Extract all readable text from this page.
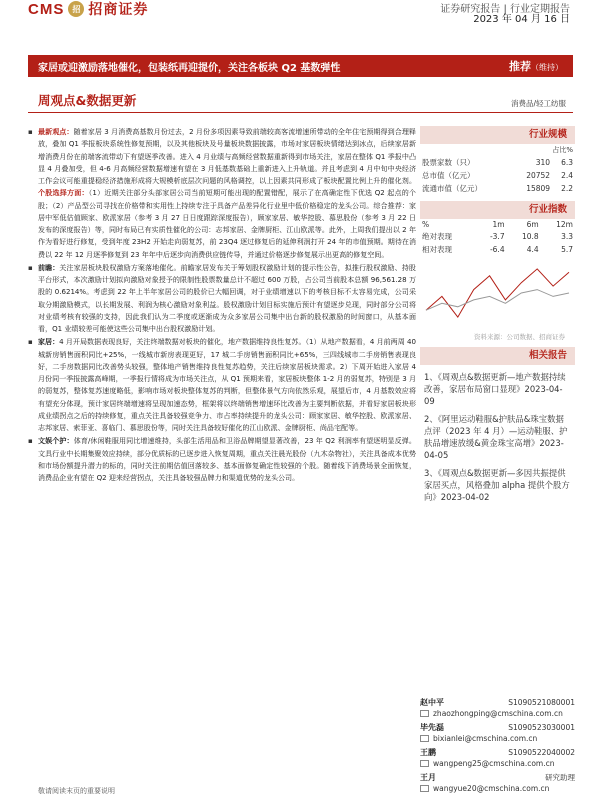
CMS	招 招商证券	证券研究报告 | 行业定期报告
2023 年 04 月 16 日
家居或迎激励落地催化，包装纸再迎提价，关注各板块 Q2 基数弹性	推荐（维持）
周观点&数据更新	消费品/轻工纺服

▪ 最新观点：随着家居 3 月消费高基数月份过去，2 月份多项因素导致前端较高客流增速所带动的全年住宅预期得到合理释放，叠加 Q1 季报板块系统性修复预期，以及其他板块及号量板块数据披露，市场对家居板块情绪达到冰点，后续家居新增消费月份在前端客流带动下有望逐季改善。进入 4 月业绩与高频经营数据重新得到市场关注，家居在整体 Q1 季报中凸显 4 月叠加受，但 4-6 月高频经营数据增速有望在 3 月低基数基础上重新进入上升轨道。并且考虑到 4 月中旬中央经济工作会议可能重提稳经济措施形成将大规模析底层次问题的风格调控，以上因素共同形成了板块配置比例上升的催化剂。个股选择方面：（1）近期关注部分头部家居公司当前短期可能出现的配置错配，展示了在高确定性下优选 Q2 起点的个股；（2）产品型公司寻找在价格带和实用性上持续专注于具备产品差异化行业里中低价格稳定的龙头公司。综合推荐：家居中军低估值顾家、欧派家居（参考 3 月 27 日日度跟踪深度报告），顾家家居、敏华控股、慕思股份（参考 3 月 22 日发布的深度报告）等，同时布局已有实质性催化的公司：志邦家居、金牌厨柜、江山欧派等。此外，上周我们提出以 2 年作为看好进行修复，受到年度 23H2 开始走向弱复苏，前 23Q4 逐过修复后的延伸利润打开 24 年的市值预期。期待在消费以 22 年 12 月逐季修复到 23 年年中后逐步向消费供应链传导，并通过价格逐步修复展示出更高的修复空间。

▪ 前瞻：关注家居板块股权激励方案落地催化。前瞻家居发布关于筹划股权激励计划的提示性公告，拟推行股权激励、持股平台形式，本次激励计划拟向激励对象授予的限制性股票数量总计不超过 600 万股，占公司当前股本总额 96,561.28 万股的 0.6214%。考虑到 22 年上半年家居公司的股价已大幅回调，对于业绩增速以下的考核目标不太容易完成，公司采取分期激励模式，以长期发展、利润为核心激励对象利益。股权激励计划目标实施后预计有望逐步兑现，同时部分公司将对业绩考核有较强的支持，因此我们认为二季度或逐渐成为众多家居公司集中出台新的股权激励的时间窗口，从基本面看，Q1 业绩较差可能使这些公司集中出台股权激励计划。

▪ 家居：4 月开局数据表现良好，关注终端数据对板块的催化，地产数据维持良性复苏。（1）从地产数据看，4 月前两周 40 城新房销售面积同比+25%，一线城市新房表现更好，17 城二手房销售面积同比+65%，三四线城市二手房销售表现良好，二手房数据同比改善势头较强，整体地产销售维持良性复苏趋势，关注后续家居板块需求。2）下周开始进入家居 4 月份同一季报披露高峰期，一季报行情将成为市场关注点，从 Q1 预期来看，家居板块整体 1-2 月的弱复苏，特别是 3 月的弱复苏，整体复苏速度略低，影响市场对板块整体复苏的判断，但整体景气方向依然乐观，展望后市，4 月基数效应将有望充分体现，预计家居终端增速将呈现加速态势，框架将以终端销售增速环比改善为主要判断依据，并看好家居板块形成业绩拐点之后的持续修复，重点关注具备较强竞争力、市占率持续提升的龙头公司：顾家家居、敏华控股、欧派家居、志邦家居、索菲亚、喜临门、慕思股份等，同时关注具备较好催化的江山欧派、金牌厨柜、尚品宅配等。

▪ 文娱个护：体育/休闲鞋服用同比增速维持，头部生活用品和卫浴品牌期望显著改善，23 年 Q2 利润率有望逐明显反弹。文具行业中长期集聚效应持续，部分优质标的已逐步进入恢复周期，重点关注晨光股份（九木杂物社），关注具备成本优势和市场份额提升潜力的标的，同时关注前期估值回落较多、基本面修复确定性较强的个股。随着线下消费场景全面恢复，消费品企业有望在 Q2 迎来经营拐点，关注具备较强品牌力和渠道优势的龙头公司。

行业规模
占比%		
股票家数（只）	310	6.3
总市值（亿元）	20752	2.4
流通市值（亿元）	15809	2.2
行业指数
%	1m	6m	12m
绝对表现	-3.7	10.8	3.3
相对表现	-6.4	4.4	5.7
资料来源：公司数据、招商证券
相关报告
1、《周观点&数据更新—地产数据持续改善，家居布局窗口显现》2023-04-09
2、《阿里运动鞋服&护肤品&珠宝数据点评（2023 年 4 月）—运动鞋服、护肤品增速放缓&黄金珠宝高增》2023-04-05
3、《周观点&数据更新—多因共振提供家居买点，风格叠加 alpha 提供个股方向》2023-04-02
赵中平	S1090521080001
zhaozhongping@cmschina.com.cn
毕先磊	S1090523030001
bixianlei@cmschina.com.cn
王鹏	S1090522040002
wangpeng25@cmschina.com.cn
王月	研究助理
wangyue20@cmschina.com.cn
敬请阅读末页的重要说明
